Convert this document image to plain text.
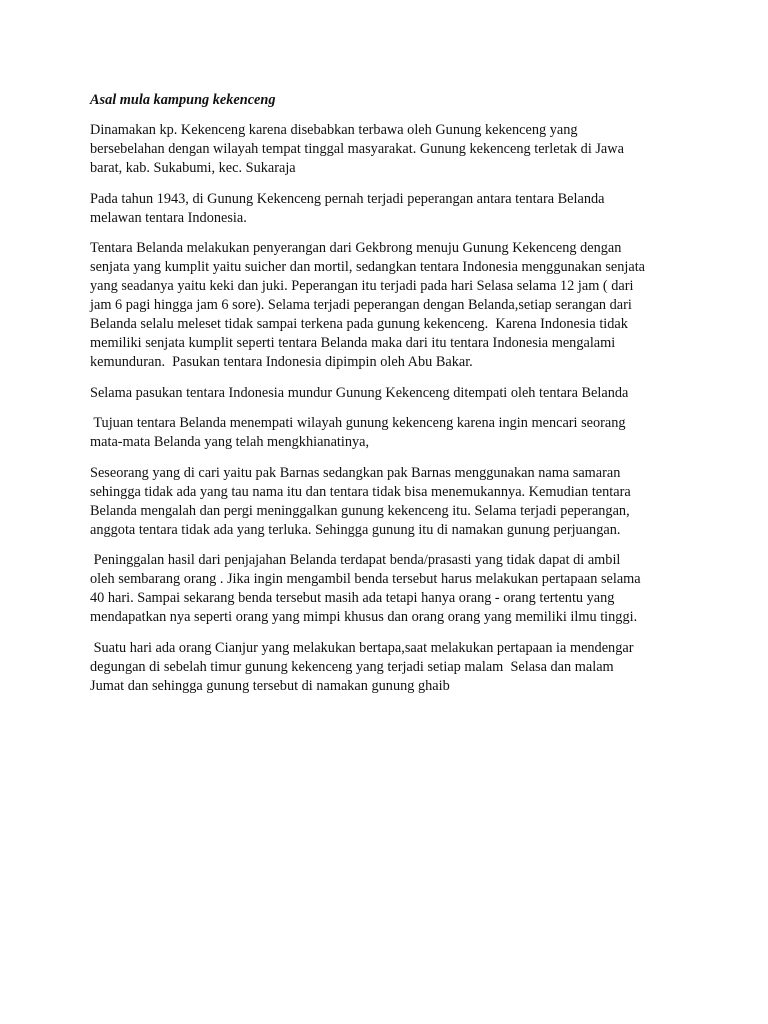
Asal mula kampung kekenceng
Dinamakan kp. Kekenceng karena disebabkan terbawa oleh Gunung kekenceng yang
bersebelahan dengan wilayah tempat tinggal masyarakat. Gunung kekenceng terletak di Jawa
barat, kab. Sukabumi, kec. Sukaraja
Pada tahun 1943, di Gunung Kekenceng pernah terjadi peperangan antara tentara Belanda
melawan tentara Indonesia.
Tentara Belanda melakukan penyerangan dari Gekbrong menuju Gunung Kekenceng dengan
senjata yang kumplit yaitu suicher dan mortil, sedangkan tentara Indonesia menggunakan senjata
yang seadanya yaitu keki dan juki. Peperangan itu terjadi pada hari Selasa selama 12 jam ( dari
jam 6 pagi hingga jam 6 sore). Selama terjadi peperangan dengan Belanda,setiap serangan dari
Belanda selalu meleset tidak sampai terkena pada gunung kekenceng.  Karena Indonesia tidak
memiliki senjata kumplit seperti tentara Belanda maka dari itu tentara Indonesia mengalami
kemunduran.  Pasukan tentara Indonesia dipimpin oleh Abu Bakar.
Selama pasukan tentara Indonesia mundur Gunung Kekenceng ditempati oleh tentara Belanda
Tujuan tentara Belanda menempati wilayah gunung kekenceng karena ingin mencari seorang
mata-mata Belanda yang telah mengkhianatinya,
Seseorang yang di cari yaitu pak Barnas sedangkan pak Barnas menggunakan nama samaran
sehingga tidak ada yang tau nama itu dan tentara tidak bisa menemukannya. Kemudian tentara
Belanda mengalah dan pergi meninggalkan gunung kekenceng itu. Selama terjadi peperangan,
anggota tentara tidak ada yang terluka. Sehingga gunung itu di namakan gunung perjuangan.
Peninggalan hasil dari penjajahan Belanda terdapat benda/prasasti yang tidak dapat di ambil
oleh sembarang orang . Jika ingin mengambil benda tersebut harus melakukan pertapaan selama
40 hari. Sampai sekarang benda tersebut masih ada tetapi hanya orang - orang tertentu yang
mendapatkan nya seperti orang yang mimpi khusus dan orang orang yang memiliki ilmu tinggi.
Suatu hari ada orang Cianjur yang melakukan bertapa,saat melakukan pertapaan ia mendengar
degungan di sebelah timur gunung kekenceng yang terjadi setiap malam  Selasa dan malam
Jumat dan sehingga gunung tersebut di namakan gunung ghaib
